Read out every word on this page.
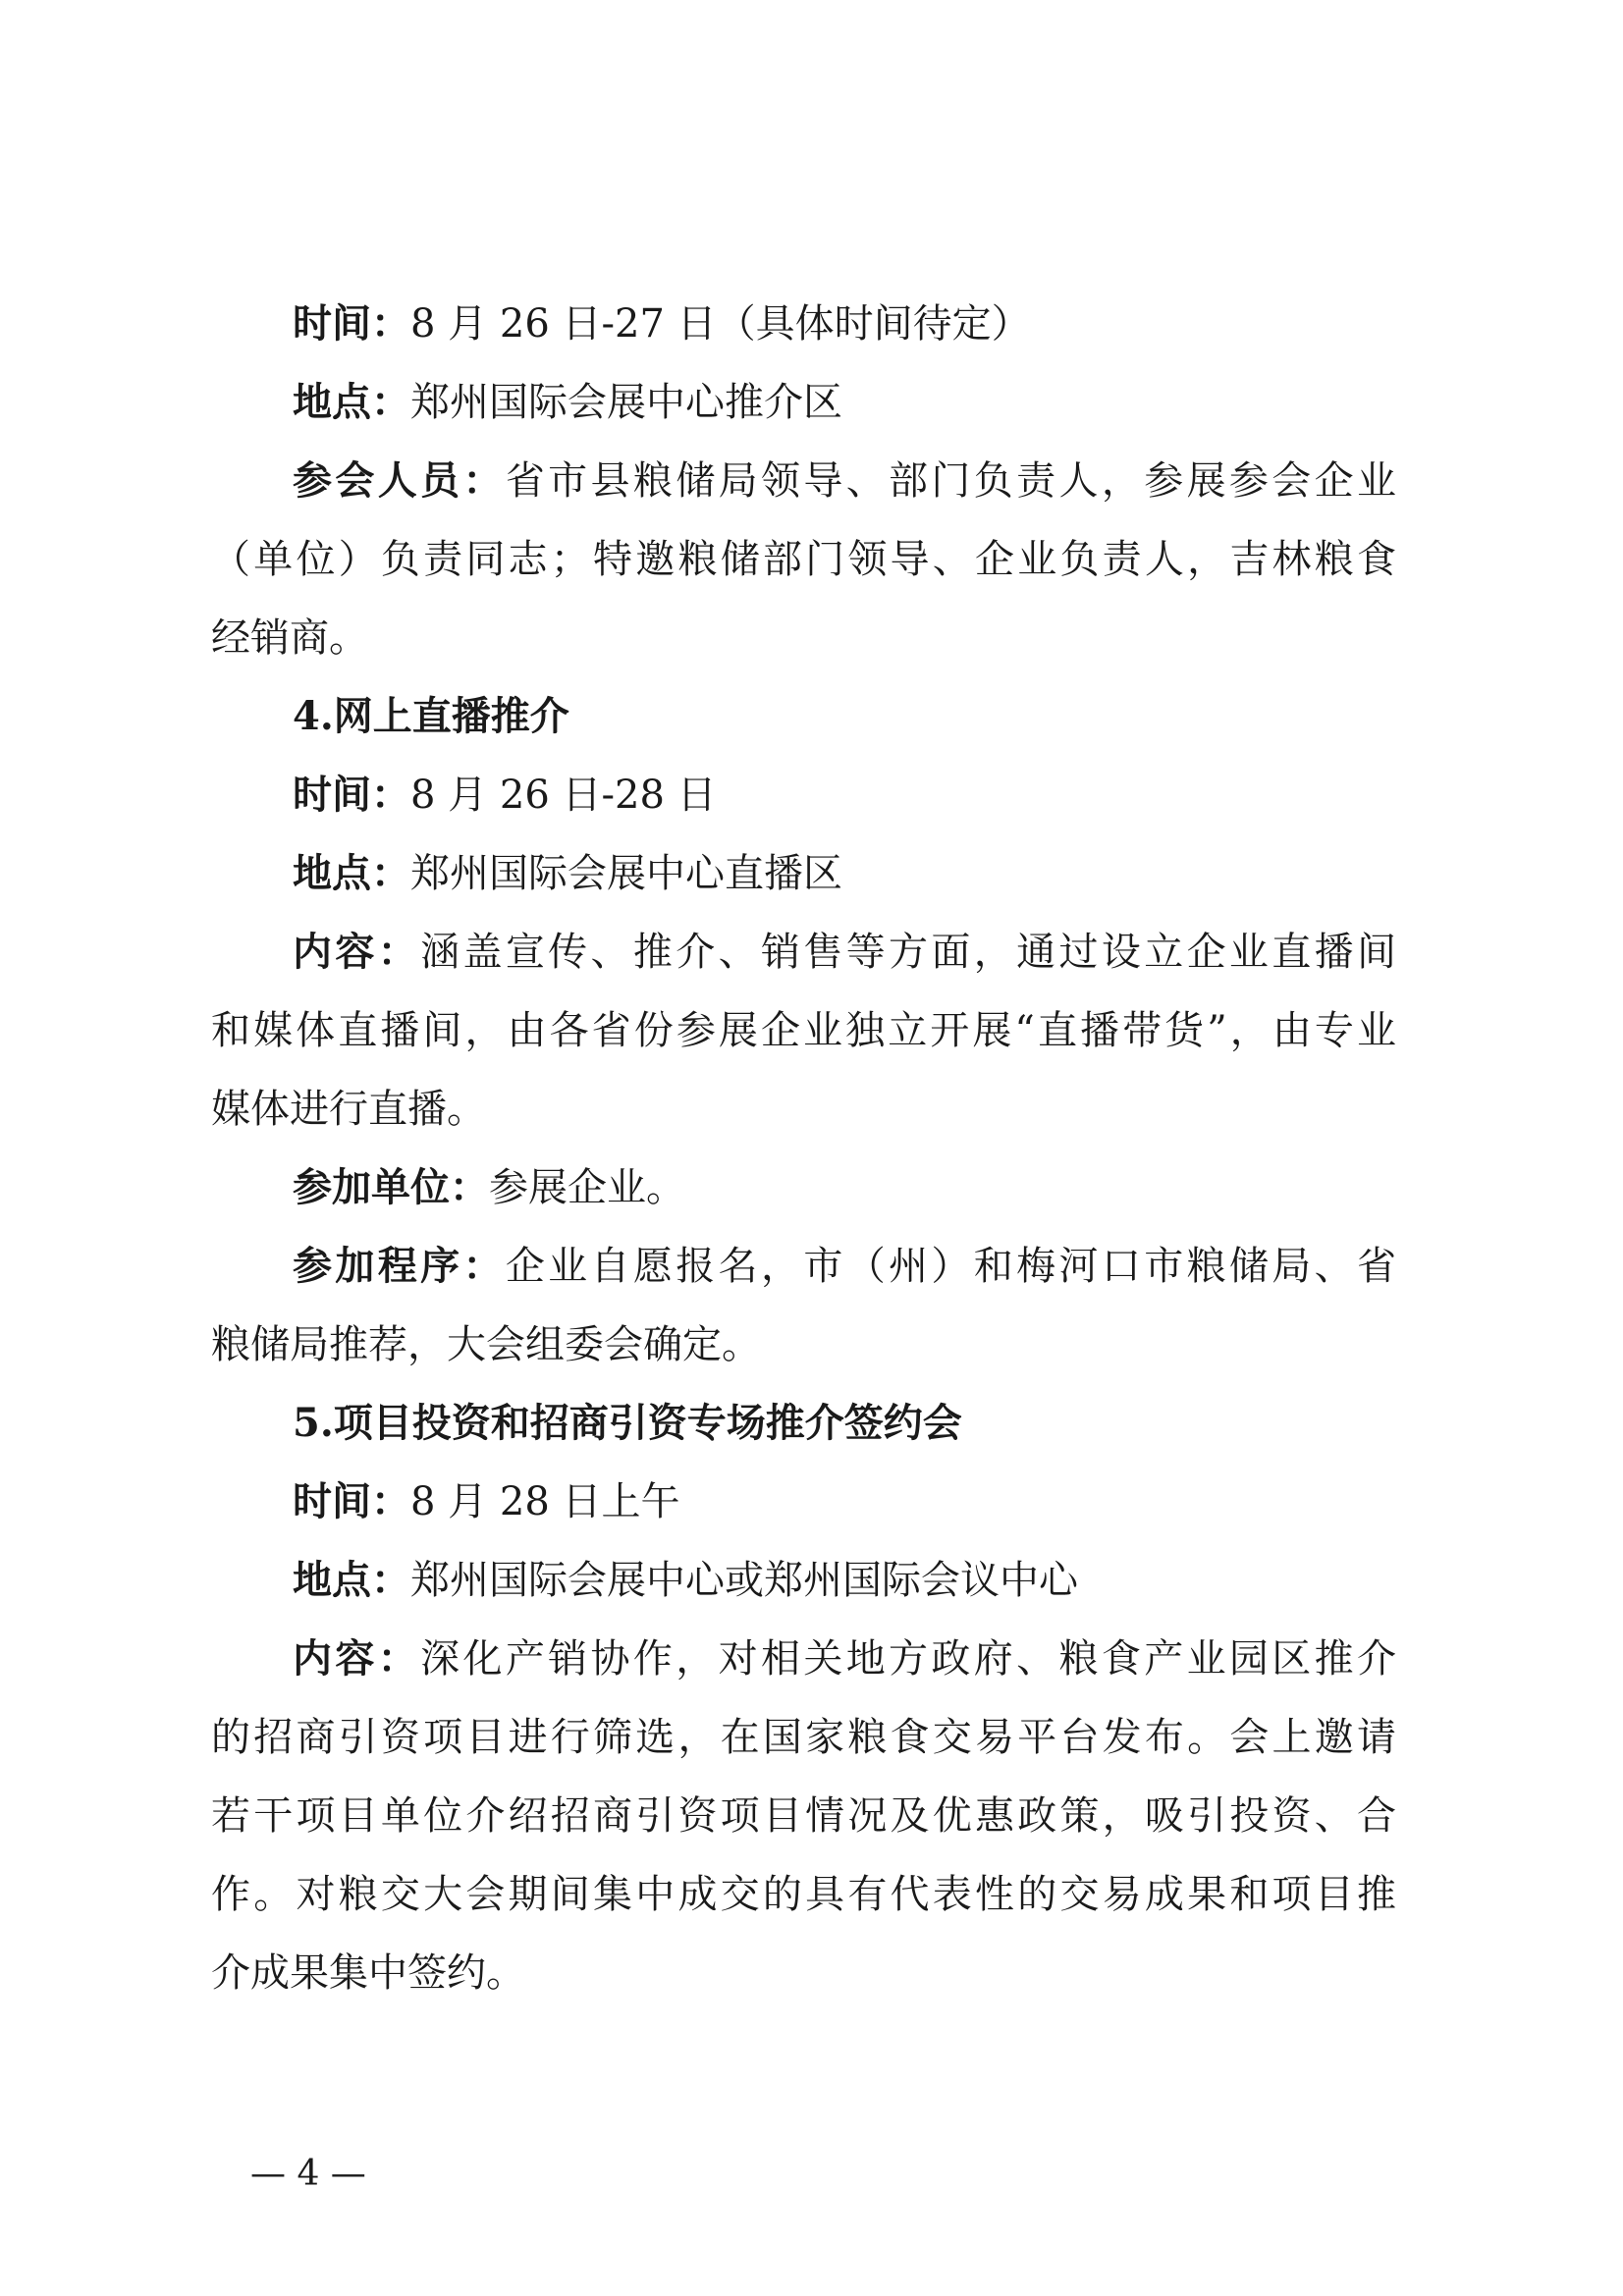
时间：8 月 26 日-27 日（具体时间待定）
地点：郑州国际会展中心推介区
参会人员：省市县粮储局领导、部门负责人，参展参会企业
（单位）负责同志；特邀粮储部门领导、企业负责人，吉林粮食
经销商。
4.网上直播推介
时间：8 月 26 日-28 日
地点：郑州国际会展中心直播区
内容：涵盖宣传、推介、销售等方面，通过设立企业直播间
和媒体直播间，由各省份参展企业独立开展“直播带货”，由专业
媒体进行直播。
参加单位：参展企业。
参加程序：企业自愿报名，市（州）和梅河口市粮储局、省
粮储局推荐，大会组委会确定。
5.项目投资和招商引资专场推介签约会
时间：8 月 28 日上午
地点：郑州国际会展中心或郑州国际会议中心
内容：深化产销协作，对相关地方政府、粮食产业园区推介
的招商引资项目进行筛选，在国家粮食交易平台发布。会上邀请
若干项目单位介绍招商引资项目情况及优惠政策，吸引投资、合
作。对粮交大会期间集中成交的具有代表性的交易成果和项目推
介成果集中签约。
— 4 —
